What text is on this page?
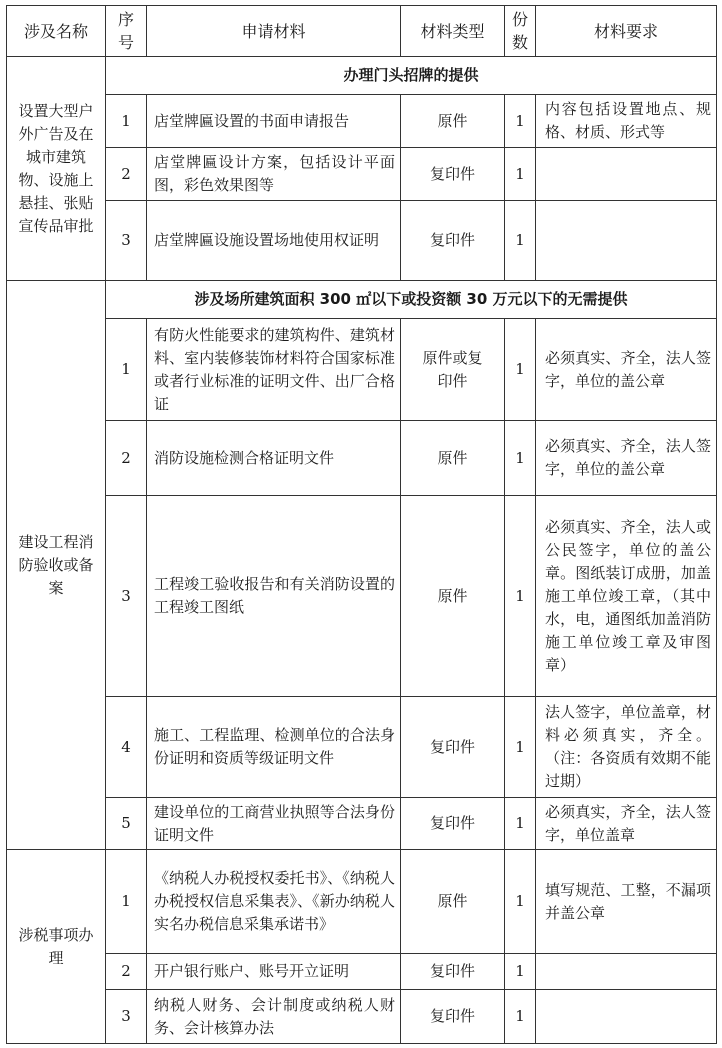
涉及名称	序号	申请材料	材料类型	份数	材料要求
设置大型户外广告及在城市建筑物、设施上悬挂、张贴宣传品审批	办理门头招牌的提供				
	1	店堂牌匾设置的书面申请报告	原件	1	内容包括设置地点、规格、材质、形式等
	2	店堂牌匾设计方案，包括设计平面图，彩色效果图等	复印件	1	
	3	店堂牌匾设施设置场地使用权证明	复印件	1	
建设工程消防验收或备案	涉及场所建筑面积 300 ㎡以下或投资额 30 万元以下的无需提供				
	1	有防火性能要求的建筑构件、建筑材料、室内装修装饰材料符合国家标准或者行业标准的证明文件、出厂合格证	原件或复印件	1	必须真实、齐全，法人签字，单位的盖公章
	2	消防设施检测合格证明文件	原件	1	必须真实、齐全，法人签字，单位的盖公章
	3	工程竣工验收报告和有关消防设置的工程竣工图纸	原件	1	必须真实、齐全，法人或公民签字，单位的盖公章。图纸装订成册，加盖施工单位竣工章，（其中水，电，通图纸加盖消防施工单位竣工章及审图章）
	4	施工、工程监理、检测单位的合法身份证明和资质等级证明文件	复印件	1	法人签字，单位盖章，材料必须真实，齐全。（注：各资质有效期不能过期）
	5	建设单位的工商营业执照等合法身份证明文件	复印件	1	必须真实，齐全，法人签字，单位盖章
涉税事项办理	1	《纳税人办税授权委托书》、《纳税人办税授权信息采集表》、《新办纳税人实名办税信息采集承诺书》	原件	1	填写规范、工整，不漏项并盖公章
	2	开户银行账户、账号开立证明	复印件	1	
	3	纳税人财务、会计制度或纳税人财务、会计核算办法	复印件	1	
